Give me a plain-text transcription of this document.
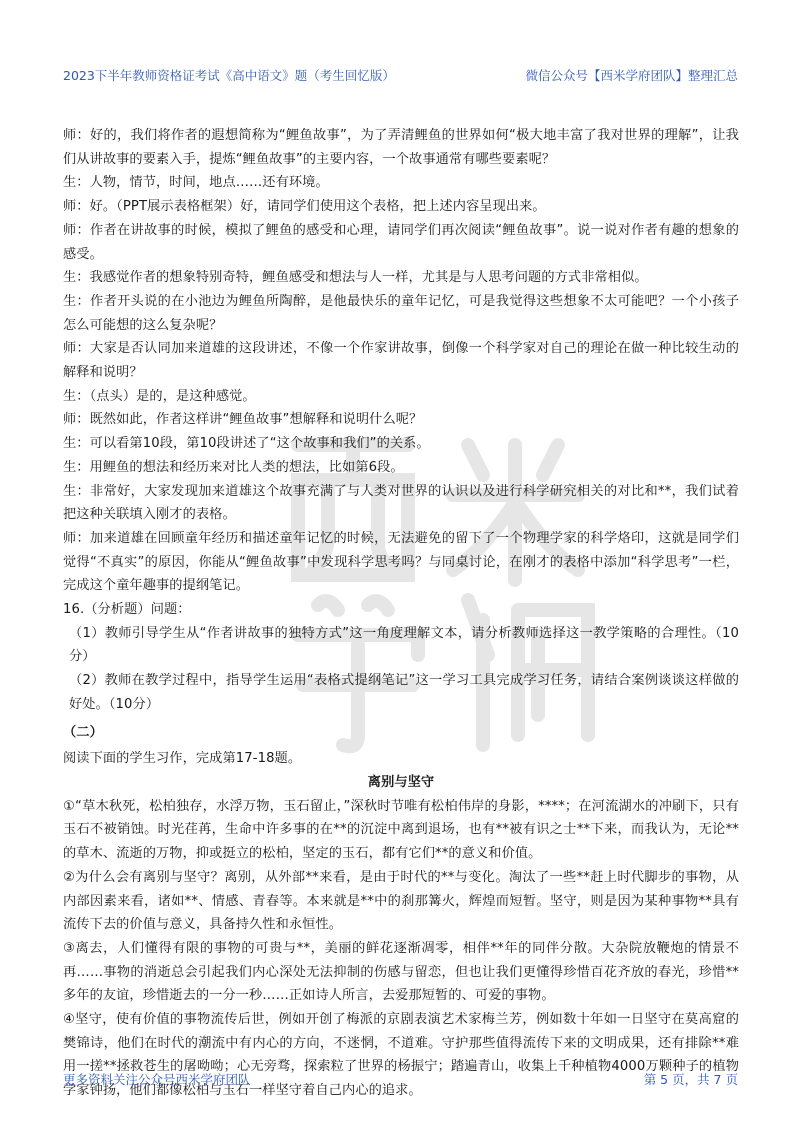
2023下半年教师资格证考试《高中语文》题（考生回忆版）	微信公众号【西米学府团队】整理汇总

师：好的，我们将作者的遐想简称为“鲤鱼故事”，为了弄清鲤鱼的世界如何“极大地丰富了我对世界的理解”，让我们从讲故事的要素入手，提炼“鲤鱼故事”的主要内容，一个故事通常有哪些要素呢？

生：人物，情节，时间，地点……还有环境。

师：好。（PPT展示表格框架）好，请同学们使用这个表格，把上述内容呈现出来。

师：作者在讲故事的时候，模拟了鲤鱼的感受和心理，请同学们再次阅读“鲤鱼故事”。说一说对作者有趣的想象的感受。

生：我感觉作者的想象特别奇特，鲤鱼感受和想法与人一样，尤其是与人思考问题的方式非常相似。

生：作者开头说的在小池边为鲤鱼所陶醉，是他最快乐的童年记忆，可是我觉得这些想象不太可能吧？一个小孩子怎么可能想的这么复杂呢？

师：大家是否认同加来道雄的这段讲述，不像一个作家讲故事，倒像一个科学家对自己的理论在做一种比较生动的解释和说明？

生：（点头）是的，是这种感觉。

师：既然如此，作者这样讲“鲤鱼故事”想解释和说明什么呢？

生：可以看第10段，第10段讲述了“这个故事和我们”的关系。

生：用鲤鱼的想法和经历来对比人类的想法，比如第6段。

生：非常好，大家发现加来道雄这个故事充满了与人类对世界的认识以及进行科学研究相关的对比和**，我们试着把这种关联填入刚才的表格。

师：加来道雄在回顾童年经历和描述童年记忆的时候，无法避免的留下了一个物理学家的科学烙印，这就是同学们觉得“不真实”的原因，你能从“鲤鱼故事”中发现科学思考吗？与同桌讨论，在刚才的表格中添加“科学思考”一栏，完成这个童年趣事的提纲笔记。

16.（分析题）问题：

（1）教师引导学生从“作者讲故事的独特方式”这一角度理解文本，请分析教师选择这一教学策略的合理性。（10分）

（2）教师在教学过程中，指导学生运用“表格式提纲笔记”这一学习工具完成学习任务，请结合案例谈谈这样做的好处。（10分）

（二）

阅读下面的学生习作，完成第17-18题。

离别与坚守

①“草木秋死，松柏独存，水浮万物，玉石留止，”深秋时节唯有松柏伟岸的身影，****；在河流湖水的冲刷下，只有玉石不被销蚀。时光荏苒，生命中许多事的在**的沉淀中离到退场，也有**被有识之士**下来，而我认为，无论**的草木、流逝的万物，抑或挺立的松柏，坚定的玉石，都有它们**的意义和价值。

②为什么会有离别与坚守？离别，从外部**来看，是由于时代的**与变化。淘汰了一些**赶上时代脚步的事物，从内部因素来看，诸如**、情感、青春等。本来就是**中的刹那篝火，辉煌而短暂。坚守，则是因为某种事物**具有流传下去的价值与意义，具备持久性和永恒性。

③离去，人们懂得有限的事物的可贵与**，美丽的鲜花逐渐凋零，相伴**年的同伴分散。大杂院放鞭炮的情景不再……事物的消逝总会引起我们内心深处无法抑制的伤感与留恋，但也让我们更懂得珍惜百花齐放的春光，珍惜**多年的友谊，珍惜逝去的一分一秒……正如诗人所言，去爱那短暂的、可爱的事物。

④坚守，使有价值的事物流传后世，例如开创了梅派的京剧表演艺术家梅兰芳，例如数十年如一日坚守在莫高窟的樊锦诗，他们在时代的潮流中有内心的方向，不迷惘，不道难。守护那些值得流传下来的文明成果，还有排除**难用一搓**拯救苍生的屠呦呦；心无旁骛，探索粒了世界的杨振宁；踏遍青山，收集上千种植物4000万颗种子的植物学家钟扬，他们都像松柏与玉石一样坚守着自己内心的追求。

更多资料关注公众号西米学府团队	第 5 页，共 7 页
